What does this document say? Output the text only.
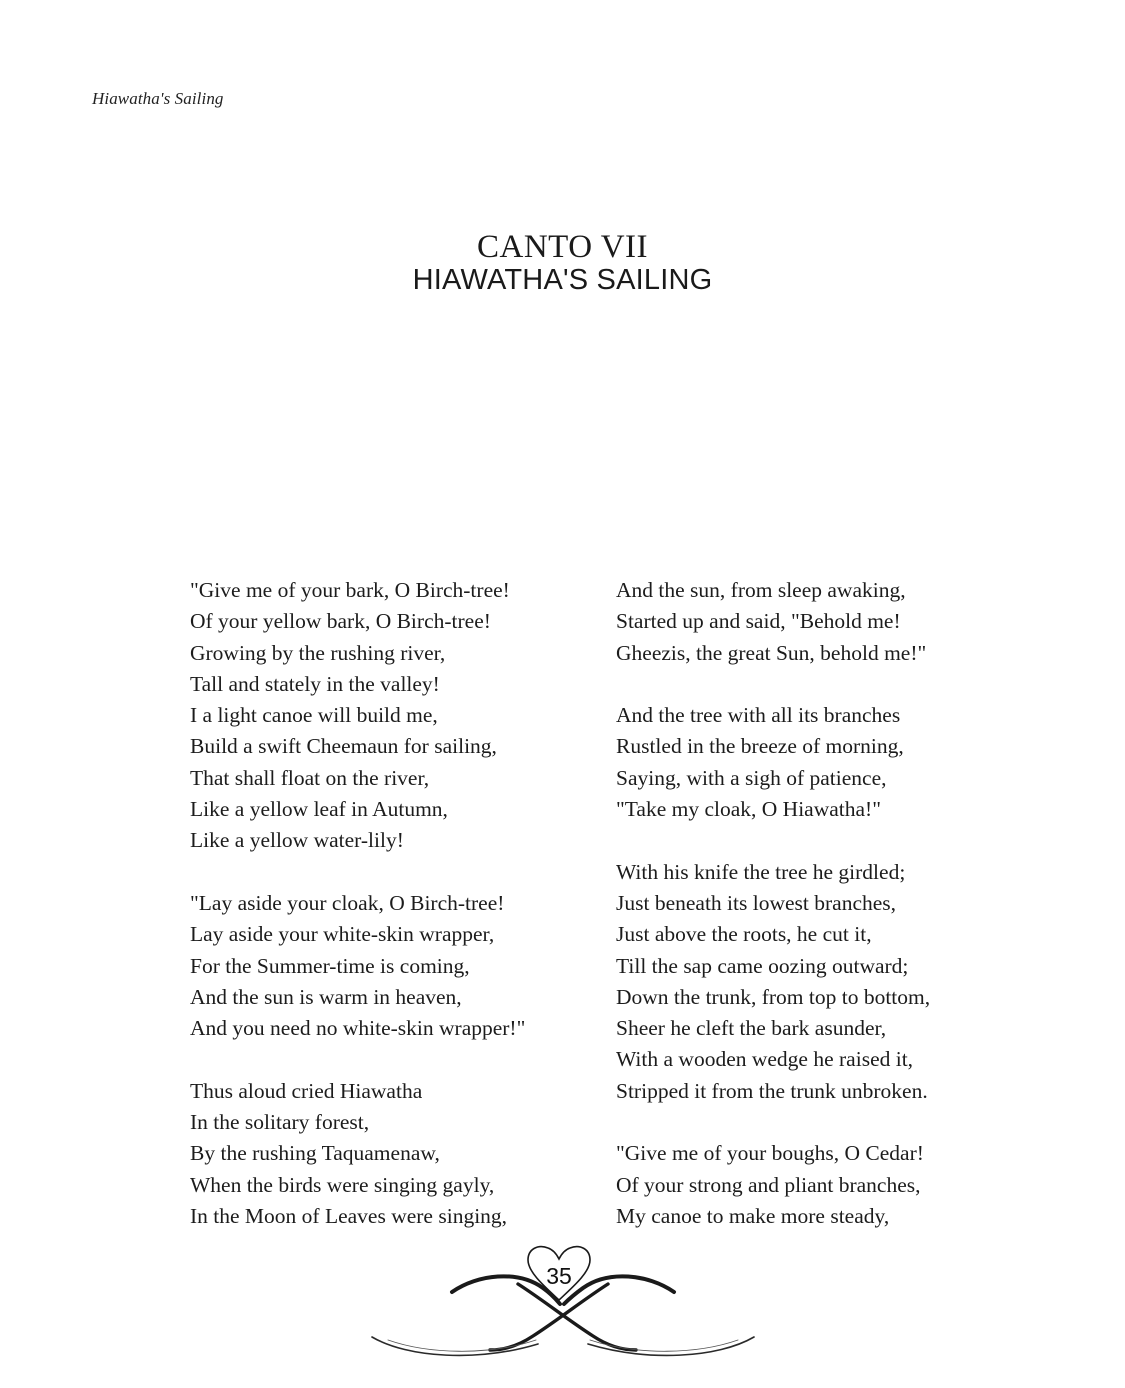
Hiawatha's Sailing
CANTO VII
HIAWATHA'S SAILING
"Give me of your bark, O Birch-tree!
Of your yellow bark, O Birch-tree!
Growing by the rushing river,
Tall and stately in the valley!
I a light canoe will build me,
Build a swift Cheemaun for sailing,
That shall float on the river,
Like a yellow leaf in Autumn,
Like a yellow water-lily!
"Lay aside your cloak, O Birch-tree!
Lay aside your white-skin wrapper,
For the Summer-time is coming,
And the sun is warm in heaven,
And you need no white-skin wrapper!"
Thus aloud cried Hiawatha
In the solitary forest,
By the rushing Taquamenaw,
When the birds were singing gayly,
In the Moon of Leaves were singing,
And the sun, from sleep awaking,
Started up and said, "Behold me!
Gheezis, the great Sun, behold me!"
And the tree with all its branches
Rustled in the breeze of morning,
Saying, with a sigh of patience,
"Take my cloak, O Hiawatha!"
With his knife the tree he girdled;
Just beneath its lowest branches,
Just above the roots, he cut it,
Till the sap came oozing outward;
Down the trunk, from top to bottom,
Sheer he cleft the bark asunder,
With a wooden wedge he raised it,
Stripped it from the trunk unbroken.
"Give me of your boughs, O Cedar!
Of your strong and pliant branches,
My canoe to make more steady,
35
